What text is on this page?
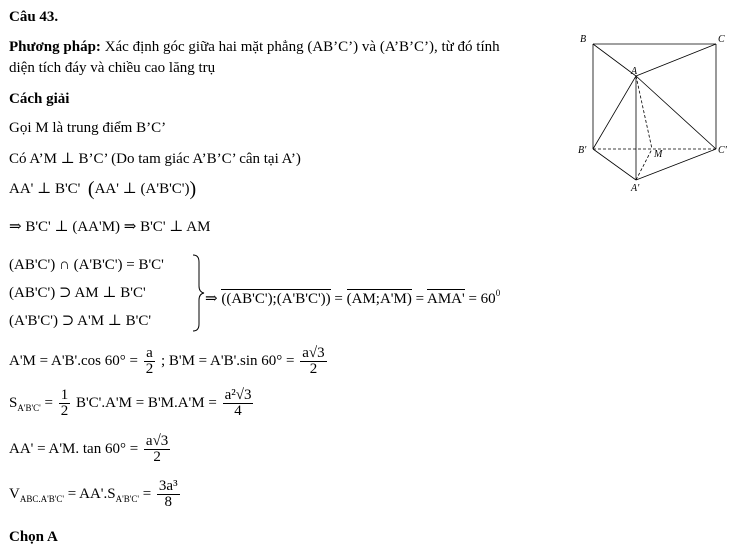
Câu 43.
Phương pháp: Xác định góc giữa hai mặt phẳng (AB’C’) và (A’B’C’), từ đó tính
diện tích đáy và chiều cao lăng trụ
Cách giải
Gọi M là trung điểm B’C’
Có A’M ⊥ B’C’ (Do tam giác A’B’C’ cân tại A’)
AA' ⊥ B'C' (AA' ⊥ (A'B'C'))
⇒ B'C' ⊥ (AA'M) ⇒ B'C' ⊥ AM
(AB'C') ∩ (A'B'C') = B'C'
(AB'C') ⊃ AM ⊥ B'C'
(A'B'C') ⊃ A'M ⊥ B'C'
⇒ ((AB'C');(A'B'C')) = (AM;A'M) = $AMA' = 60^0$
A'M = A'B'.cos $60^\circ = \frac{a}{2}$ ; B'M = A'B'.sin $60^\circ = \frac{a√3}{2}$
$S_{A'B'C'} = \frac{1}{2} B'C'.A'M = B'M.A'M = \frac{\text{a²√3}}{4}$
AA' = A'M. $\tan 60^\circ = \frac{a√3}{2}$
$V_{ABC.A'B'C'} = AA'.S_{A'B'C'} = \frac{\text{3a³}}{8}$
Chọn A
B	C
A
B'	C'
M
A'
